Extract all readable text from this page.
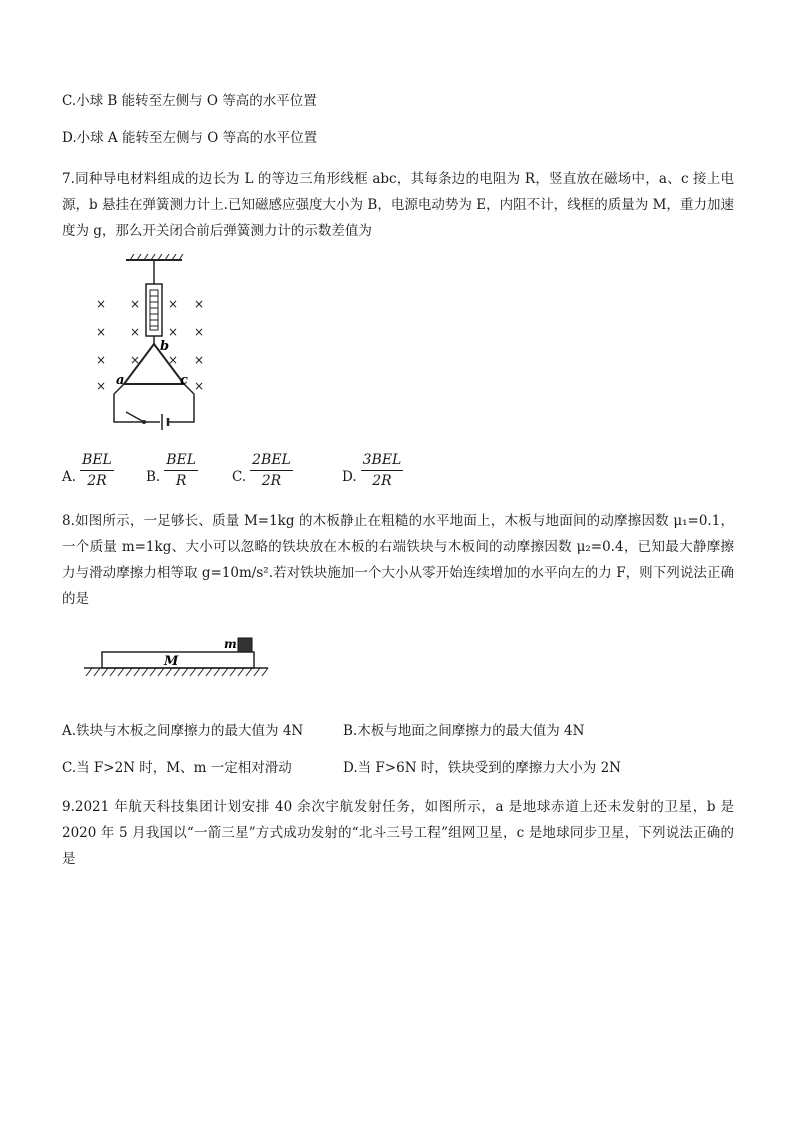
C.小球 B 能转至左侧与 O 等高的水平位置
D.小球 A 能转至左侧与 O 等高的水平位置
7.同种导电材料组成的边长为 L 的等边三角形线框 abc，其每条边的电阻为 R，竖直放在磁场中，a、c 接上电源，b 悬挂在弹簧测力计上.已知磁感应强度大小为 B，电源电动势为 E，内阻不计，线框的质量为 M，重力加速度为 g，那么开关闭合前后弹簧测力计的示数差值为
b
a	c
× × × ×
× × × ×
× × × ×
×	×
A. $\frac{\text{BEL}}{2R} B$. $\frac{\text{BEL}}{R}$	C. $\frac{\text{2BEL}}{2R}$	D. $\frac{\text{3BEL}}{2R}$
8.如图所示，一足够长、质量 M=1kg 的木板静止在粗糙的水平地面上，木板与地面间的动摩擦因数 μ₁=0.1，一个质量 m=1kg、大小可以忽略的铁块放在木板的右端铁块与木板间的动摩擦因数 μ₂=0.4，已知最大静摩擦力与滑动摩擦力相等取 g=10m/s².若对铁块施加一个大小从零开始连续增加的水平向左的力 F，则下列说法正确的是
m
M
A.铁块与木板之间摩擦力的最大值为 4N	B.木板与地面之间摩擦力的最大值为 4N
C.当 F>2N 时，M、m 一定相对滑动	D.当 F>6N 时，铁块受到的摩擦力大小为 2N
9.2021 年航天科技集团计划安排 40 余次宇航发射任务，如图所示，a 是地球赤道上还未发射的卫星，b 是 2020 年 5 月我国以“一箭三星”方式成功发射的“北斗三号工程”组网卫星，c 是地球同步卫星，下列说法正确的是
